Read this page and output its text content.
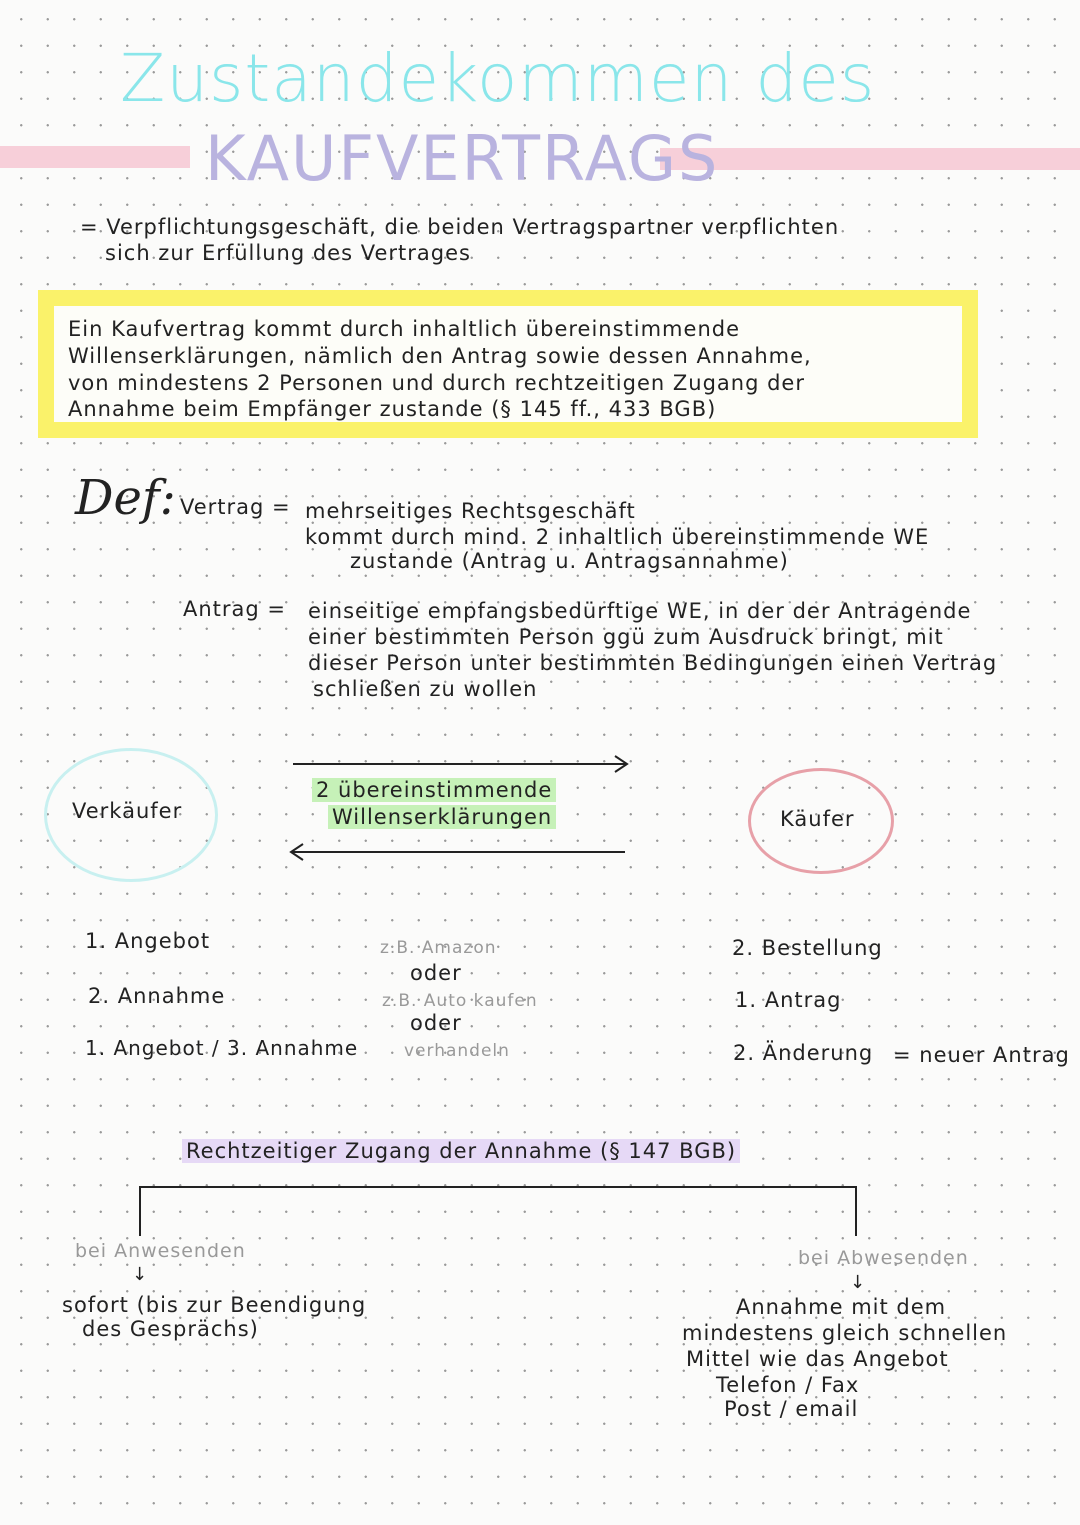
Zustandekommen des
KAUFVERTRAGS
= Verpflichtungsgeschäft, die beiden Vertragspartner verpflichten
sich zur Erfüllung des Vertrages
Ein Kaufvertrag kommt durch inhaltlich übereinstimmende
Willenserklärungen, nämlich den Antrag sowie dessen Annahme,
von mindestens 2 Personen und durch rechtzeitigen Zugang der
Annahme beim Empfänger zustande (§ 145 ff., 433 BGB)
Def: Vertrag = mehrseitiges Rechtsgeschäft
kommt durch mind. 2 inhaltlich übereinstimmende WE
zustande (Antrag u. Antragsannahme)
Antrag = einseitige empfangsbedürftige WE, in der der Antragende
einer bestimmten Person ggü zum Ausdruck bringt, mit
dieser Person unter bestimmten Bedingungen einen Vertrag
schließen zu wollen
Verkäufer	Käufer
2 übereinstimmende
Willenserklärungen
1. Angebot
2. Annahme
1. Angebot / 3. Annahme
z.B. Amazon
oder
z.B. Auto kaufen
oder
verhandeln
2. Bestellung
1. Antrag
2. Änderung = neuer Antrag
Rechtzeitiger Zugang der Annahme (§ 147 BGB)
bei Anwesenden
↓
sofort (bis zur Beendigung
des Gesprächs)
bei Abwesenden
↓
Annahme mit dem
mindestens gleich schnellen
Mittel wie das Angebot
Telefon / Fax
Post / email
